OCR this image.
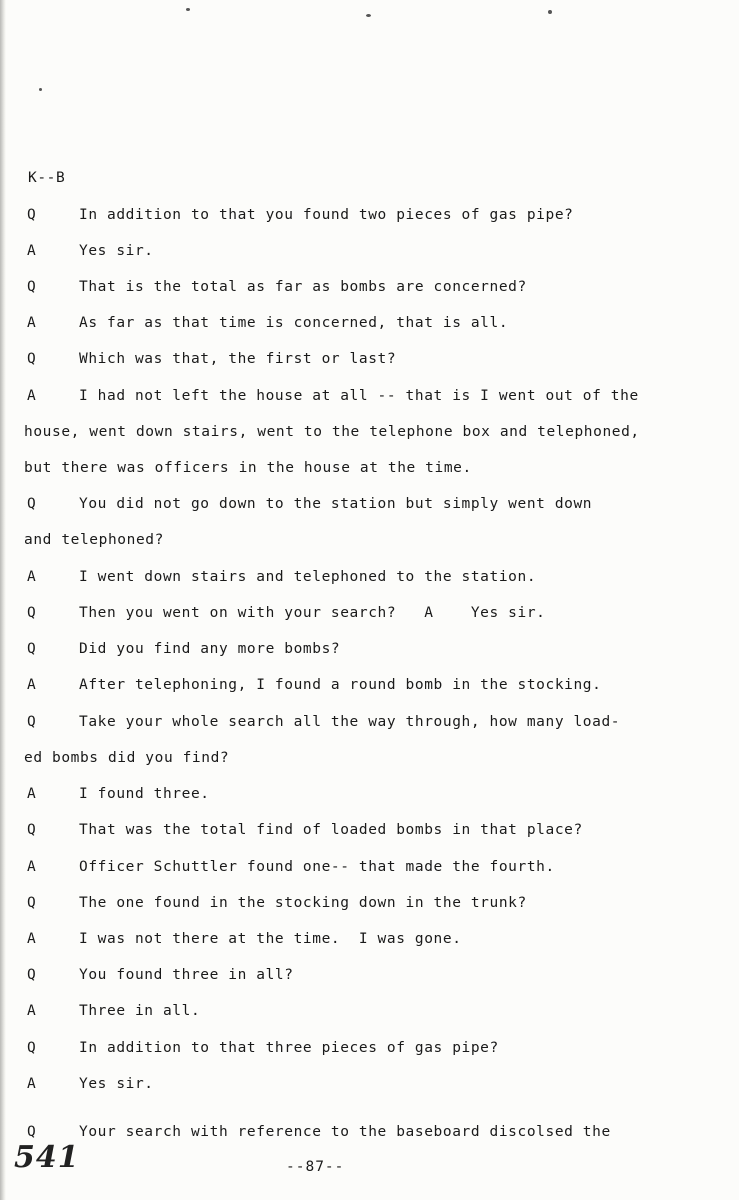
K--B
Q	In addition to that you found two pieces of gas pipe?
A	Yes sir.
Q	That is the total as far as bombs are concerned?
A	As far as that time is concerned, that is all.
Q	Which was that, the first or last?
A	I had not left the house at all -- that is I went out of the
house, went down stairs, went to the telephone box and telephoned,
but there was officers in the house at the time.
Q	You did not go down to the station but simply went down
and telephoned?
A	I went down stairs and telephoned to the station.
Q	Then you went on with your search?   A    Yes sir.
Q	Did you find any more bombs?
A	After telephoning, I found a round bomb in the stocking.
Q	Take your whole search all the way through, how many load-
ed bombs did you find?
A	I found three.
Q	That was the total find of loaded bombs in that place?
A	Officer Schuttler found one-- that made the fourth.
Q	The one found in the stocking down in the trunk?
A	I was not there at the time.  I was gone.
Q	You found three in all?
A	Three in all.
Q	In addition to that three pieces of gas pipe?
A	Yes sir.
Q	Your search with reference to the baseboard discolsed the
541	--87--
